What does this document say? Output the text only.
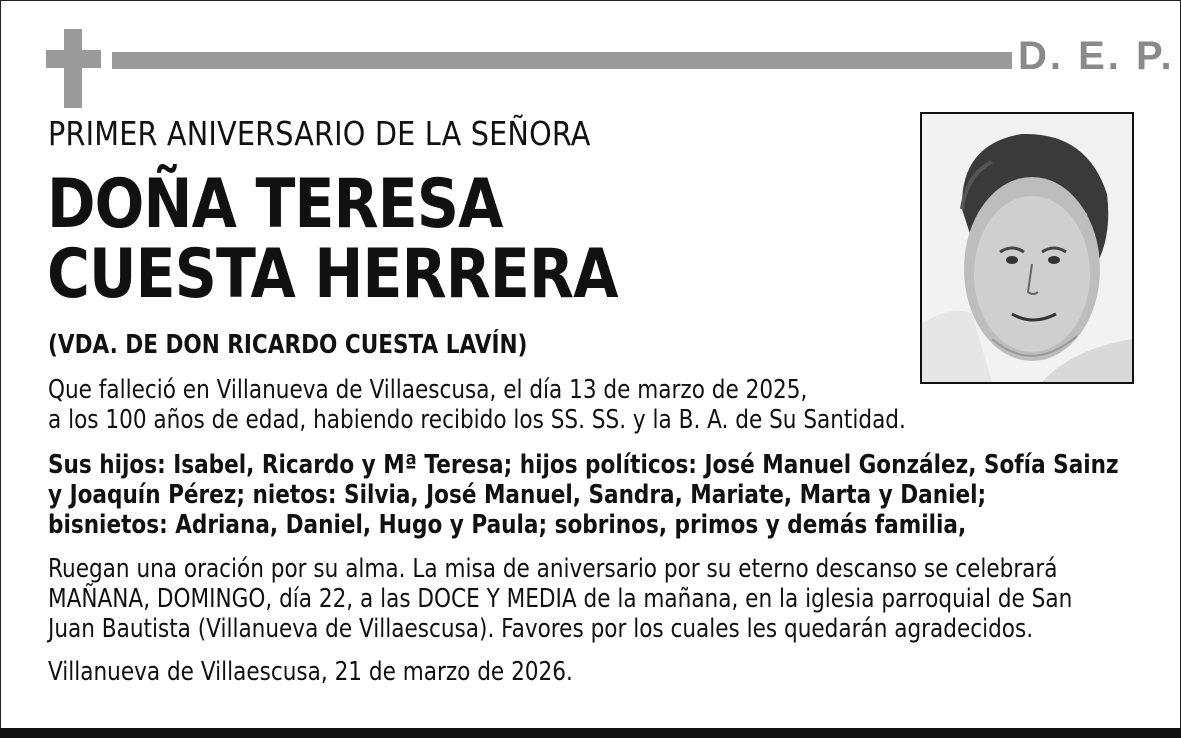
D. E. P.
PRIMER ANIVERSARIO DE LA SEÑORA
DOÑA TERESA
CUESTA HERRERA
(VDA. DE DON RICARDO CUESTA LAVÍN)
Que falleció en Villanueva de Villaescusa, el día 13 de marzo de 2025,
a los 100 años de edad, habiendo recibido los SS. SS. y la B. A. de Su Santidad.
Sus hijos: Isabel, Ricardo y Mª Teresa; hijos políticos: José Manuel González, Sofía Sainz
y Joaquín Pérez; nietos: Silvia, José Manuel, Sandra, Mariate, Marta y Daniel;
bisnietos: Adriana, Daniel, Hugo y Paula; sobrinos, primos y demás familia,
Ruegan una oración por su alma. La misa de aniversario por su eterno descanso se celebrará
MAÑANA, DOMINGO, día 22, a las DOCE Y MEDIA de la mañana, en la iglesia parroquial de San
Juan Bautista (Villanueva de Villaescusa). Favores por los cuales les quedarán agradecidos.
Villanueva de Villaescusa, 21 de marzo de 2026.
